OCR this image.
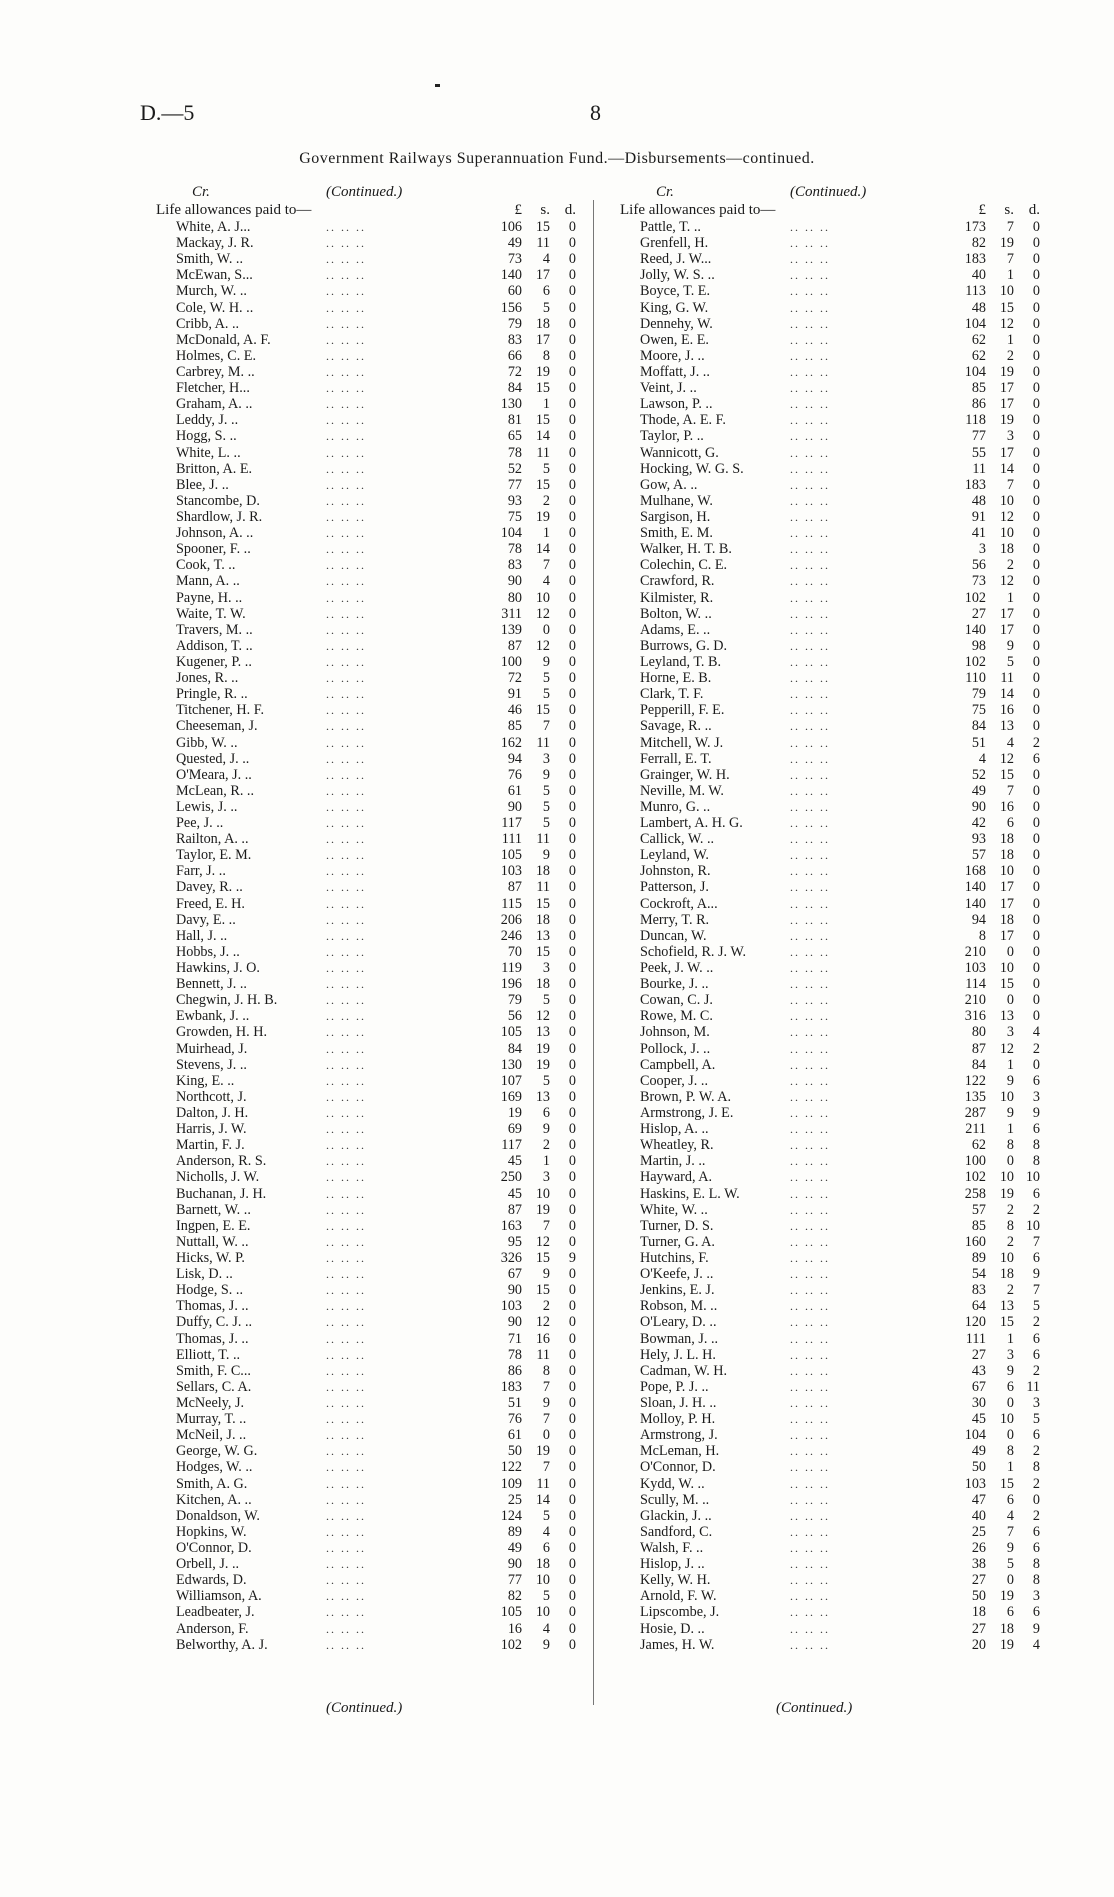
D.—5	8
Government Railways Superannuation Fund.—Disbursements—continued.
Cr.	(Continued.)
Life allowances paid to—	£	s. d.
White, A. J...	.. .. ..	106 15	0
Mackay, J. R.	.. .. ..	49	11	0
Smith, W. ..	.. .. ..	73	4	0
McEwan, S...	.. .. ..	140 17	0
Murch, W. ..	.. .. ..	60	6	0
Cole, W. H. ..	.. .. ..	156	5	0
Cribb, A. ..	.. .. ..	79 18	0
McDonald, A. F.	.. .. ..	83 17	0
Holmes, C. E.	.. .. ..	66	8	0
Carbrey, M. ..	.. .. ..	72 19	0
Fletcher, H...	.. .. ..	84 15	0
Graham, A. ..	.. .. ..	130	1	0
Leddy, J. ..	.. .. ..	81 15	0
Hogg, S. ..	.. .. ..	65 14	0
White, L. ..	.. .. ..	78	11	0
Britton, A. E.	.. .. ..	52	5	0
Blee, J. ..	.. .. ..	77 15	0
Stancombe, D.	.. .. ..	93	2	0
Shardlow, J. R.	.. .. ..	75 19	0
Johnson, A. ..	.. .. ..	104	1	0
Spooner, F. ..	.. .. ..	78 14	0
Cook, T. ..	.. .. ..	83	7	0
Mann, A. ..	.. .. ..	90	4	0
Payne, H. ..	.. .. ..	80 10	0
Waite, T. W.	.. .. ..	311 12	0
Travers, M. ..	.. .. ..	139	0	0
Addison, T. ..	.. .. ..	87 12	0
Kugener, P. ..	.. .. ..	100	9	0
Jones, R. ..	.. .. ..	72	5	0
Pringle, R. ..	.. .. ..	91	5	0
Titchener, H. F.	.. .. ..	46 15	0
Cheeseman, J.	.. .. ..	85	7	0
Gibb, W. ..	.. .. ..	162	11	0
Quested, J. ..	.. .. ..	94	3	0
O'Meara, J. ..	.. .. ..	76	9	0
McLean, R. ..	.. .. ..	61	5	0
Lewis, J. ..	.. .. ..	90	5	0
Pee, J. ..	.. .. ..	117	5	0
Railton, A. ..	.. .. ..	111	11	0
Taylor, E. M.	.. .. ..	105	9	0
Farr, J. ..	.. .. ..	103 18	0
Davey, R. ..	.. .. ..	87	11	0
Freed, E. H.	.. .. ..	115 15	0
Davy, E. ..	.. .. ..	206 18	0
Hall, J. ..	.. .. ..	246 13	0
Hobbs, J. ..	.. .. ..	70 15	0
Hawkins, J. O.	.. .. ..	119	3	0
Bennett, J. ..	.. .. ..	196 18	0
Chegwin, J. H. B.	.. .. ..	79	5	0
Ewbank, J. ..	.. .. ..	56 12	0
Growden, H. H.	.. .. ..	105 13	0
Muirhead, J.	.. .. ..	84 19	0
Stevens, J. ..	.. .. ..	130 19	0
King, E. ..	.. .. ..	107	5	0
Northcott, J.	.. .. ..	169 13	0
Dalton, J. H.	.. .. ..	19	6	0
Harris, J. W.	.. .. ..	69	9	0
Martin, F. J.	.. .. ..	117	2	0
Anderson, R. S.	.. .. ..	45	1	0
Nicholls, J. W.	.. .. ..	250	3	0
Buchanan, J. H.	.. .. ..	45 10	0
Barnett, W. ..	.. .. ..	87 19	0
Ingpen, E. E.	.. .. ..	163	7	0
Nuttall, W. ..	.. .. ..	95 12	0
Hicks, W. P.	.. .. ..	326 15	9
Lisk, D. ..	.. .. ..	67	9	0
Hodge, S. ..	.. .. ..	90 15	0
Thomas, J. ..	.. .. ..	103	2	0
Duffy, C. J. ..	.. .. ..	90 12	0
Thomas, J. ..	.. .. ..	71 16	0
Elliott, T. ..	.. .. ..	78	11	0
Smith, F. C...	.. .. ..	86	8	0
Sellars, C. A.	.. .. ..	183	7	0
McNeely, J.	.. .. ..	51	9	0
Murray, T. ..	.. .. ..	76	7	0
McNeil, J. ..	.. .. ..	61	0	0
George, W. G.	.. .. ..	50 19	0
Hodges, W. ..	.. .. ..	122	7	0
Smith, A. G.	.. .. ..	109	11	0
Kitchen, A. ..	.. .. ..	25 14	0
Donaldson, W.	.. .. ..	124	5	0
Hopkins, W.	.. .. ..	89	4	0
O'Connor, D.	.. .. ..	49	6	0
Orbell, J. ..	.. .. ..	90 18	0
Edwards, D.	.. .. ..	77 10	0
Williamson, A.	.. .. ..	82	5	0
Leadbeater, J.	.. .. ..	105 10	0
Anderson, F.	.. .. ..	16	4	0
Belworthy, A. J.	.. .. ..	102	9	0
Cr.	(Continued.)
Life allowances paid to—	£	s. d.
Pattle, T. ..	.. .. ..	173	7	0
Grenfell, H.	.. .. ..	82 19	0
Reed, J. W...	.. .. ..	183	7	0
Jolly, W. S. ..	.. .. ..	40	1	0
Boyce, T. E.	.. .. ..	113 10	0
King, G. W.	.. .. ..	48 15	0
Dennehy, W.	.. .. ..	104 12	0
Owen, E. E.	.. .. ..	62	1	0
Moore, J. ..	.. .. ..	62	2	0
Moffatt, J. ..	.. .. ..	104 19	0
Veint, J. ..	.. .. ..	85 17	0
Lawson, P. ..	.. .. ..	86 17	0
Thode, A. E. F.	.. .. ..	118 19	0
Taylor, P. ..	.. .. ..	77	3	0
Wannicott, G.	.. .. ..	55 17	0
Hocking, W. G. S.	.. .. ..	11 14	0
Gow, A. ..	.. .. ..	183	7	0
Mulhane, W.	.. .. ..	48 10	0
Sargison, H.	.. .. ..	91 12	0
Smith, E. M.	.. .. ..	41 10	0
Walker, H. T. B.	.. .. ..	3 18	0
Colechin, C. E.	.. .. ..	56	2	0
Crawford, R.	.. .. ..	73 12	0
Kilmister, R.	.. .. ..	102	1	0
Bolton, W. ..	.. .. ..	27 17	0
Adams, E. ..	.. .. ..	140 17	0
Burrows, G. D.	.. .. ..	98	9	0
Leyland, T. B.	.. .. ..	102	5	0
Horne, E. B.	.. .. ..	110	11	0
Clark, T. F.	.. .. ..	79 14	0
Pepperill, F. E.	.. .. ..	75 16	0
Savage, R. ..	.. .. ..	84 13	0
Mitchell, W. J.	.. .. ..	51	4	2
Ferrall, E. T.	.. .. ..	4 12	6
Grainger, W. H.	.. .. ..	52 15	0
Neville, M. W.	.. .. ..	49	7	0
Munro, G. ..	.. .. ..	90 16	0
Lambert, A. H. G.	.. .. ..	42	6	0
Callick, W. ..	.. .. ..	93 18	0
Leyland, W.	.. .. ..	57 18	0
Johnston, R.	.. .. ..	168 10	0
Patterson, J.	.. .. ..	140 17	0
Cockroft, A...	.. .. ..	140 17	0
Merry, T. R.	.. .. ..	94 18	0
Duncan, W.	.. .. ..	8 17	0
Schofield, R. J. W.	.. .. ..	210	0	0
Peek, J. W. ..	.. .. ..	103 10	0
Bourke, J. ..	.. .. ..	114 15	0
Cowan, C. J.	.. .. ..	210	0	0
Rowe, M. C.	.. .. ..	316 13	0
Johnson, M.	.. .. ..	80	3	4
Pollock, J. ..	.. .. ..	87 12	2
Campbell, A.	.. .. ..	84	1	0
Cooper, J. ..	.. .. ..	122	9	6
Brown, P. W. A.	.. .. ..	135 10	3
Armstrong, J. E.	.. .. ..	287	9	9
Hislop, A. ..	.. .. ..	211	1	6
Wheatley, R.	.. .. ..	62	8	8
Martin, J. ..	.. .. ..	100	0	8
Hayward, A.	.. .. ..	102 10 10
Haskins, E. L. W.	.. .. ..	258 19	6
White, W. ..	.. .. ..	57	2	2
Turner, D. S.	.. .. ..	85	8 10
Turner, G. A.	.. .. ..	160	2	7
Hutchins, F.	.. .. ..	89 10	6
O'Keefe, J. ..	.. .. ..	54 18	9
Jenkins, E. J.	.. .. ..	83	2	7
Robson, M. ..	.. .. ..	64 13	5
O'Leary, D. ..	.. .. ..	120 15	2
Bowman, J. ..	.. .. ..	111	1	6
Hely, J. L. H.	.. .. ..	27	3	6
Cadman, W. H.	.. .. ..	43	9	2
Pope, P. J. ..	.. .. ..	67	6 11
Sloan, J. H. ..	.. .. ..	30	0	3
Molloy, P. H.	.. .. ..	45 10	5
Armstrong, J.	.. .. ..	104	0	6
McLeman, H.	.. .. ..	49	8	2
O'Connor, D.	.. .. ..	50	1	8
Kydd, W. ..	.. .. ..	103 15	2
Scully, M. ..	.. .. ..	47	6	0
Glackin, J. ..	.. .. ..	40	4	2
Sandford, C.	.. .. ..	25	7	6
Walsh, F. ..	.. .. ..	26	9	6
Hislop, J. ..	.. .. ..	38	5	8
Kelly, W. H.	.. .. ..	27	0	8
Arnold, F. W.	.. .. ..	50 19	3
Lipscombe, J.	.. .. ..	18	6	6
Hosie, D. ..	.. .. ..	27 18	9
James, H. W.	.. .. ..	20 19	4
(Continued.)	(Continued.)
